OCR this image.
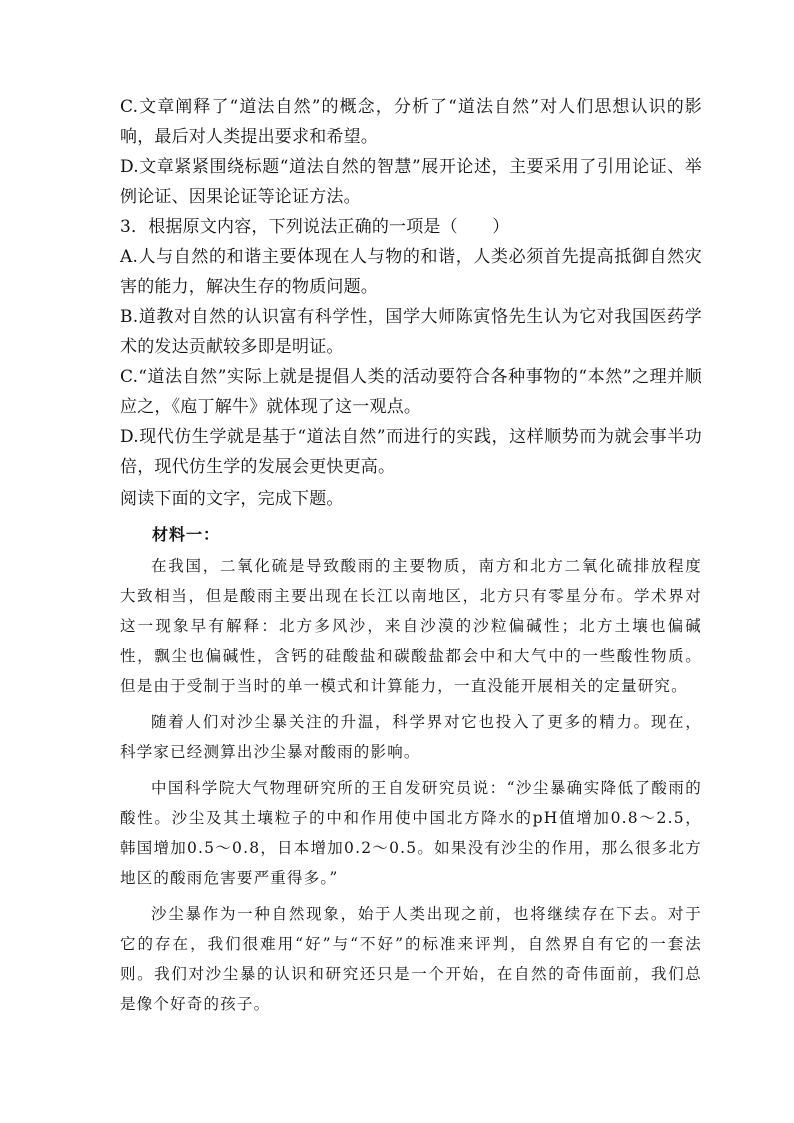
C.文章阐释了“道法自然”的概念，分析了“道法自然”对人们思想认识的影响，最后对人类提出要求和希望。

D.文章紧紧围绕标题“道法自然的智慧”展开论述，主要采用了引用论证、举例论证、因果论证等论证方法。

3．根据原文内容，下列说法正确的一项是（　　）

A.人与自然的和谐主要体现在人与物的和谐，人类必须首先提高抵御自然灾害的能力，解决生存的物质问题。

B.道教对自然的认识富有科学性，国学大师陈寅恪先生认为它对我国医药学术的发达贡献较多即是明证。

C.“道法自然”实际上就是提倡人类的活动要符合各种事物的“本然”之理并顺应之，《庖丁解牛》就体现了这一观点。

D.现代仿生学就是基于“道法自然”而进行的实践，这样顺势而为就会事半功倍，现代仿生学的发展会更快更高。

阅读下面的文字，完成下题。

材料一：

在我国，二氧化硫是导致酸雨的主要物质，南方和北方二氧化硫排放程度大致相当，但是酸雨主要出现在长江以南地区，北方只有零星分布。学术界对这一现象早有解释：北方多风沙，来自沙漠的沙粒偏碱性；北方土壤也偏碱性，飘尘也偏碱性，含钙的硅酸盐和碳酸盐都会中和大气中的一些酸性物质。但是由于受制于当时的单一模式和计算能力，一直没能开展相关的定量研究。

随着人们对沙尘暴关注的升温，科学界对它也投入了更多的精力。现在，科学家已经测算出沙尘暴对酸雨的影响。

中国科学院大气物理研究所的王自发研究员说：“沙尘暴确实降低了酸雨的酸性。沙尘及其土壤粒子的中和作用使中国北方降水的pH值增加0.8～2.5，韩国增加0.5～0.8，日本增加0.2～0.5。如果没有沙尘的作用，那么很多北方地区的酸雨危害要严重得多。”

沙尘暴作为一种自然现象，始于人类出现之前，也将继续存在下去。对于它的存在，我们很难用“好”与“不好”的标准来评判，自然界自有它的一套法则。我们对沙尘暴的认识和研究还只是一个开始，在自然的奇伟面前，我们总是像个好奇的孩子。
